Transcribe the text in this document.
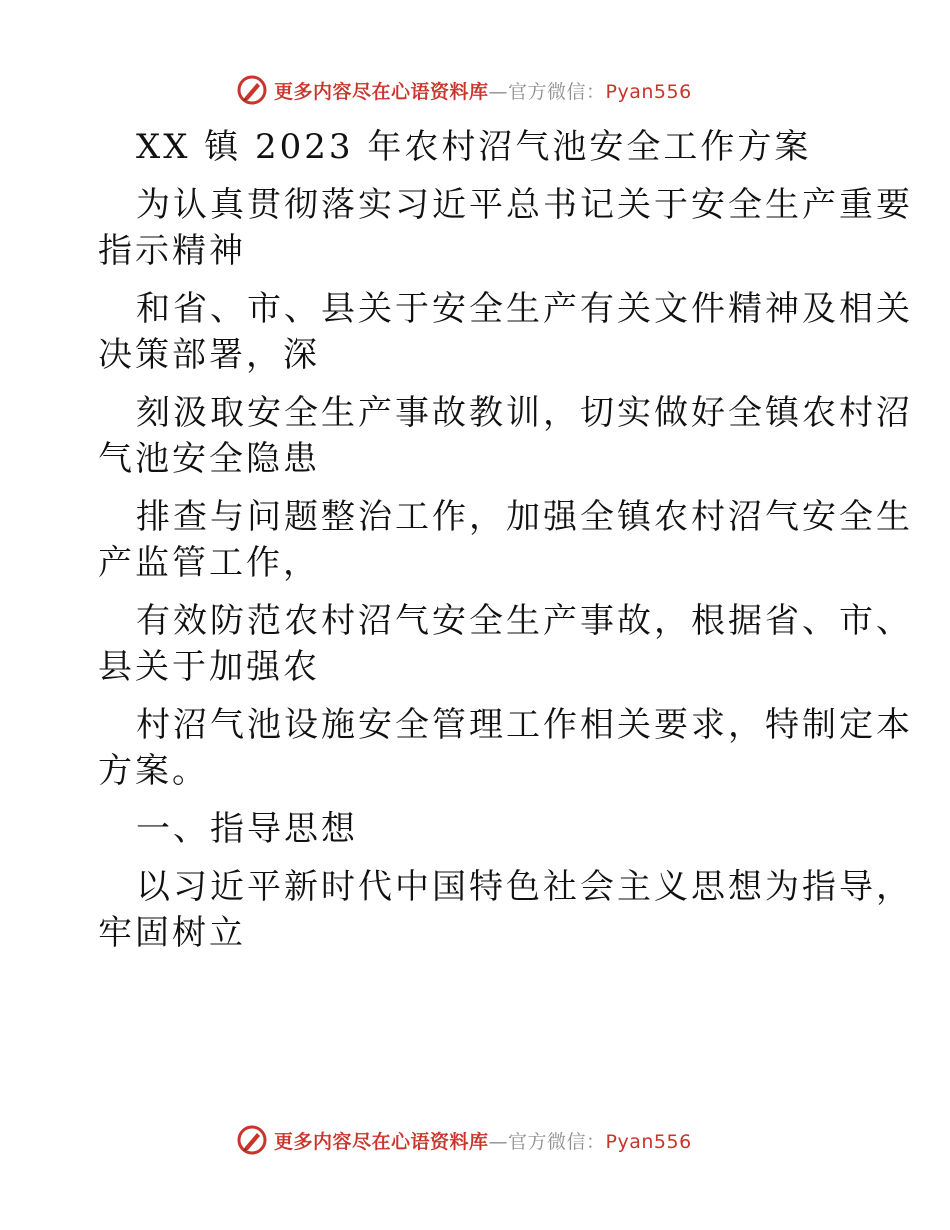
更多内容尽在心语资料库—官方微信：Pyan556

XX 镇 2023 年农村沼气池安全工作方案

为认真贯彻落实习近平总书记关于安全生产重要

指示精神

和省、市、县关于安全生产有关文件精神及相关

决策部署，深

刻汲取安全生产事故教训，切实做好全镇农村沼

气池安全隐患

排查与问题整治工作，加强全镇农村沼气安全生

产监管工作，

有效防范农村沼气安全生产事故，根据省、市、

县关于加强农

村沼气池设施安全管理工作相关要求，特制定本

方案。

一、指导思想

以习近平新时代中国特色社会主义思想为指导，

牢固树立

更多内容尽在心语资料库—官方微信：Pyan556
